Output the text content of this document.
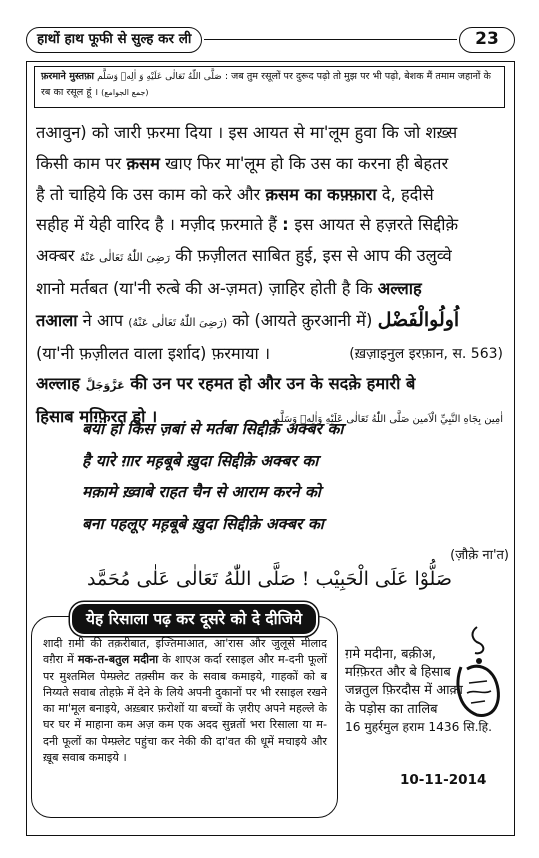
हाथों हाथ फूफी से सुल्ह कर ली	23
फ़रमाने मुस्तफ़ा صَلَّى اللّٰهُ تَعَالٰى عَلَيْهِ وَ اٰلِهٖ وَسَلَّم : जब तुम रसूलों पर दुरूद पढ़ो तो मुझ पर भी पढ़ो, बेशक मैं तमाम जहानों के रब का रसूल हूं । (جمع الجوامع)

तआवुन) को जारी फ़रमा दिया । इस आयत से मा'लूम हुवा कि जो शख़्स

किसी काम पर क़सम खाए फिर मा'लूम हो कि उस का करना ही बेहतर

है तो चाहिये कि उस काम को करे और क़सम का कफ़्फ़ारा दे, हदीसे

सहीह में येही वारिद है । मज़ीद फ़रमाते हैं : इस आयत से हज़रते सिद्दीक़े

अक्बर رَضِیَ اللّٰهُ تَعَالٰی عَنْهُ की फ़ज़ीलत साबित हुई, इस से आप की उलुव्वे

शानो मर्तबत (या'नी रुत्बे की अ-ज़मत) ज़ाहिर होती है कि अल्लाह

तआला ने आप (رَضِیَ اللّٰهُ تَعَالٰی عَنْهُ) को (आयते क़ुरआनी में) اُولُوالْفَضْل

(या'नी फ़ज़ीलत वाला इर्शाद) फ़रमाया ।	(ख़ज़ाइनुल इरफ़ान, स. 563)

अल्लाह عَزَّوَجَلَّ की उन पर रहमत हो और उन के सदक़े हमारी बे

हिसाब मग़्फ़िरत हो ।	اٰمِين بِجَاهِ النَّبِيِّ الْاَمين صَلَّى اللّٰهُ تَعَالٰى عَلَيْهِ وَاٰلِهٖ وَسَلَّم

बयां हो किस ज़बां से मर्तबा सिद्दीक़े अक्बर का
है यारे ग़ार मह़बूबे ख़ुदा सिद्दीक़े अक्बर का
मक़ामे ख़्वाबे राहत चैन से आराम करने को
बना पहलूए मह़बूबे ख़ुदा सिद्दीक़े अक्बर का
(ज़ौक़े ना'त)
صَلُّوْا عَلَى الْحَبِيْب ! صَلَّى اللّٰهُ تَعَالٰى عَلٰى مُحَمَّد
येह रिसाला पढ़ कर दूसरे को दे दीजिये
शादी ग़मी की तक़रीबात, इज्तिमाआत, आ'रास और जुलूसे मीलाद वग़ैरा में मक-त-बतुल मदीना के शाएअ कर्दा रसाइल और म-दनी फूलों पर मुश्तमिल पेम्फ़्लेट तक़्सीम कर के सवाब कमाइये, गाहकों को ब निय्यते सवाब तोहफ़े में देने के लिये अपनी दुकानों पर भी रसाइल रखने का मा'मूल बनाइये, अख़्बार फ़रोशों या बच्चों के ज़रीए अपने महल्ले के घर घर में माहाना कम अज़ कम एक अदद सुन्नतों भरा रिसाला या म-दनी फूलों का पेम्फ़्लेट पहुंचा कर नेकी की दा'वत की धूमें मचाइये और ख़ूब सवाब कमाइये ।
ग़मे मदीना, बक़ीअ, मग़्फ़िरत और बे हिसाब जन्नतुल फ़िरदौस में आक़ा के पड़ोस का तालिब
16 मुहर्रमुल हराम 1436 सि.हि.
10-11-2014
